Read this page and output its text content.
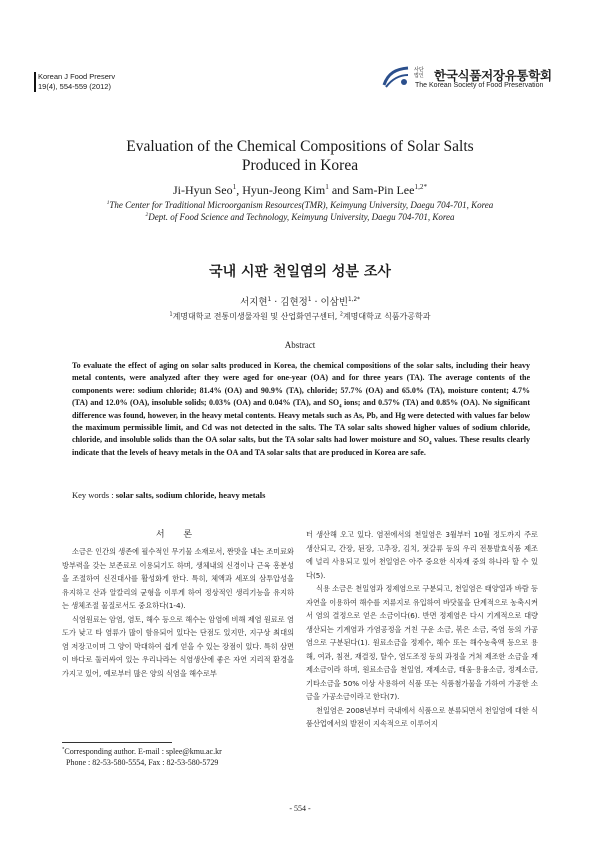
Korean J Food Preserv
19(4), 554-559 (2012)
사단법인 한국식품저장유통학회
The Korean Society of Food Preservation
Evaluation of the Chemical Compositions of Solar Salts
Produced in Korea
Ji-Hyun Seo$^1$, Hyun-Jeong Kim$^1$ and Sam-Pin Lee$^{1,2*}$
$^1$The Center for Traditional Microorganism Resources(TMR), Keimyung University, Daegu 704-701, Korea
$^2$Dept. of Food Science and Technology, Keimyung University, Daegu 704-701, Korea
국내 시판 천일염의 성분 조사
서지현$^1$ · 김현정$^1$ · 이삼빈$^{1,2*}$
$^1$계명대학교 전통미생물자원 및 산업화연구센터, $^2$계명대학교 식품가공학과
Abstract
To evaluate the effect of aging on solar salts produced in Korea, the chemical compositions of the solar salts, including their heavy metal contents, were analyzed after they were aged for one-year (OA) and for three years (TA). The average contents of the components were: sodium chloride; 81.4% (OA) and 90.9% (TA), chloride; 57.7% (OA) and 65.0% (TA), moisture content; 4.7% (TA) and 12.0% (OA), insoluble solids; 0.03% (OA) and 0.04% (TA), and $SO_4$ ions; and 0.57% (TA) and 0.85% (OA). No significant difference was found, however, in the heavy metal contents. Heavy metals such as As, Pb, and Hg were detected with values far below the maximum permissible limit, and Cd was not detected in the salts. The TA solar salts showed higher values of sodium chloride, chloride, and insoluble solids than the OA solar salts, but the TA solar salts had lower moisture and $SO_4$ values. These results clearly indicate that the levels of heavy metals in the OA and TA solar salts that are produced in Korea are safe.
Key words : solar salts, sodium chloride, heavy metals
서 론

소금은 인간의 생존에 필수적인 무기물 소재로서, 짠맛을 내는 조미료와 방부력을 갖는 보존료로 이용되기도 하며, 생체내의 신경이나 근육 흥분성을 조절하여 신진대사를 활성화게 한다. 특히, 체액과 세포의 삼투압성을 유지하고 산과 알칼리의 균형을 이루게 하여 정상적인 생리기능을 유지하는 생체조절 물질로서도 중요하다(1-4).

식염원료는 암염, 염토, 해수 등으로 해수는 암염에 비해 제염 원료로 염도가 낮고 타 염류가 많이 함유되어 있다는 단점도 있지만, 지구상 최대의 염 저장고이며 그 양이 막대하여 쉽게 얻을 수 있는 장점이 있다. 특히 삼면이 바다로 둘러싸여 있는 우리나라는 식염생산에 좋은 자연 지리적 환경을 가지고 있어, 예로부터 많은 양의 식염을 해수로부

터 생산해 오고 있다. 염전에서의 천일염은 3월부터 10월 정도까지 주로 생산되고, 간장, 된장, 고추장, 김치, 젓갈류 등의 우리 전통발효식품 제조에 널리 사용되고 있어 천일염은 아주 중요한 식자재 중의 하나라 할 수 있다(5).

식용 소금은 천일염과 정제염으로 구분되고, 천일염은 태양열과 바람 등 자연을 이용하여 해수를 저류지로 유입하여 바닷물을 단계적으로 농축시켜서 염의 결정으로 얻은 소금이다(6). 반면 정제염은 다시 기계적으로 대량생산되는 기계염과 가염공정을 거친 구운 소금, 볶은 소금, 죽염 등의 가공염으로 구분된다(1). 원료소금을 정제수, 해수 또는 해수농축액 등으로 용해, 여과, 침전, 재결정, 탈수, 염도조정 등의 과정을 거쳐 제조한 소금을 재제소금이라 하며, 원료소금을 천일염, 재제소금, 태움·용융소금, 정제소금, 기타소금을 50% 이상 사용하여 식품 또는 식품첨가물을 가하여 가공한 소금을 가공소금이라고 한다(7).

천일염은 2008년부터 국내에서 식품으로 분류되면서 천일염에 대한 식품산업에서의 발전이 지속적으로 이루어지

*Corresponding author. E-mail : splee@kmu.ac.kr
Phone : 82-53-580-5554, Fax : 82-53-580-5729
- 554 -
